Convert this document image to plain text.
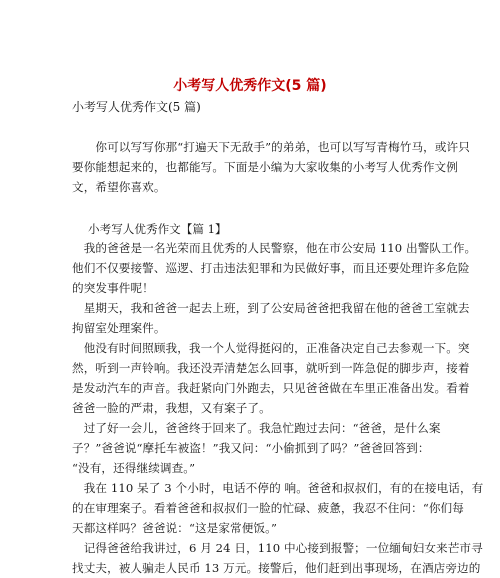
小考写人优秀作文(5 篇)
小考写人优秀作文(5 篇)
　　你可以写写你那“打遍天下无敌手”的弟弟，也可以写写青梅竹马，或许只
要你能想起来的，也都能写。下面是小编为大家收集的小考写人优秀作文例
文，希望你喜欢。
小考写人优秀作文【篇 1】
　我的爸爸是一名光荣而且优秀的人民警察，他在市公安局 110 出警队工作。
他们不仅要接警、巡逻、打击违法犯罪和为民做好事，而且还要处理许多危险
的突发事件呢！
　星期天，我和爸爸一起去上班，到了公安局爸爸把我留在他的爸爸工室就去
拘留室处理案件。
　他没有时间照顾我，我一个人觉得挺闷的，正准备决定自己去参观一下。突
然，听到一声铃响。我还没弄清楚怎么回事，就听到一阵急促的脚步声，接着
是发动汽车的声音。我赶紧向门外跑去，只见爸爸做在车里正准备出发。看着
爸爸一脸的严肃，我想，又有案子了。
　过了好一会儿，爸爸终于回来了。我急忙跑过去问：“爸爸，是什么案
子？”爸爸说“摩托车被盗！”我又问：“小偷抓到了吗？”爸爸回答到：
“没有，还得继续调查。”
　我在 110 呆了 3 个小时，电话不停的 响。爸爸和叔叔们，有的在接电话，有
的在审理案子。看着爸爸和叔叔们一脸的忙碌、疲惫，我忍不住问：“你们每
天都这样吗？爸爸说：“这是家常便饭。”
　记得爸爸给我讲过，6 月 24 日，110 中心接到报警；一位缅甸妇女来芒市寻
找丈夫，被人骗走人民币 13 万元。接警后，他们赶到出事现场，在酒店旁边的
